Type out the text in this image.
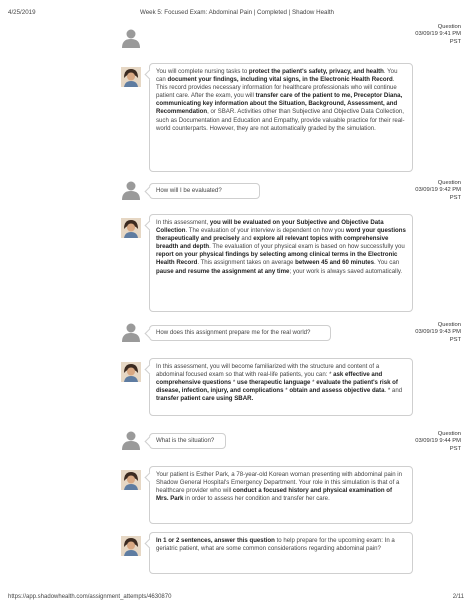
4/25/2019	Week 5: Focused Exam: Abdominal Pain | Completed | Shadow Health
Question
03/09/19 9:41 PM
PST
You will complete nursing tasks to protect the patient's safety, privacy, and health. You can document your findings, including vital signs, in the Electronic Health Record. This record provides necessary information for healthcare professionals who will continue patient care. After the exam, you will transfer care of the patient to me, Preceptor Diana, communicating key information about the Situation, Background, Assessment, and Recommendation, or SBAR. Activities other than Subjective and Objective Data Collection, such as Documentation and Education and Empathy, provide valuable practice for their real-world counterparts. However, they are not automatically graded by the simulation.
How will I be evaluated?
Question
03/09/19 9:42 PM
PST
In this assessment, you will be evaluated on your Subjective and Objective Data Collection. The evaluation of your interview is dependent on how you word your questions therapeutically and precisely and explore all relevant topics with comprehensive breadth and depth. The evaluation of your physical exam is based on how successfully you report on your physical findings by selecting among clinical terms in the Electronic Health Record. This assignment takes on average between 45 and 60 minutes. You can pause and resume the assignment at any time; your work is always saved automatically.
How does this assignment prepare me for the real world?
Question
03/09/19 9:43 PM
PST
In this assessment, you will become familiarized with the structure and content of a abdominal focused exam so that with real-life patients, you can: * ask effective and comprehensive questions * use therapeutic language * evaluate the patient's risk of disease, infection, injury, and complications * obtain and assess objective data. * and transfer patient care using SBAR.
What is the situation?
Question
03/09/19 9:44 PM
PST
Your patient is Esther Park, a 78-year-old Korean woman presenting with abdominal pain in Shadow General Hospital's Emergency Department. Your role in this simulation is that of a healthcare provider who will conduct a focused history and physical examination of Mrs. Park in order to assess her condition and transfer her care.
In 1 or 2 sentences, answer this question to help prepare for the upcoming exam: In a geriatric patient, what are some common considerations regarding abdominal pain?
https://app.shadowhealth.com/assignment_attempts/4630870	2/11
